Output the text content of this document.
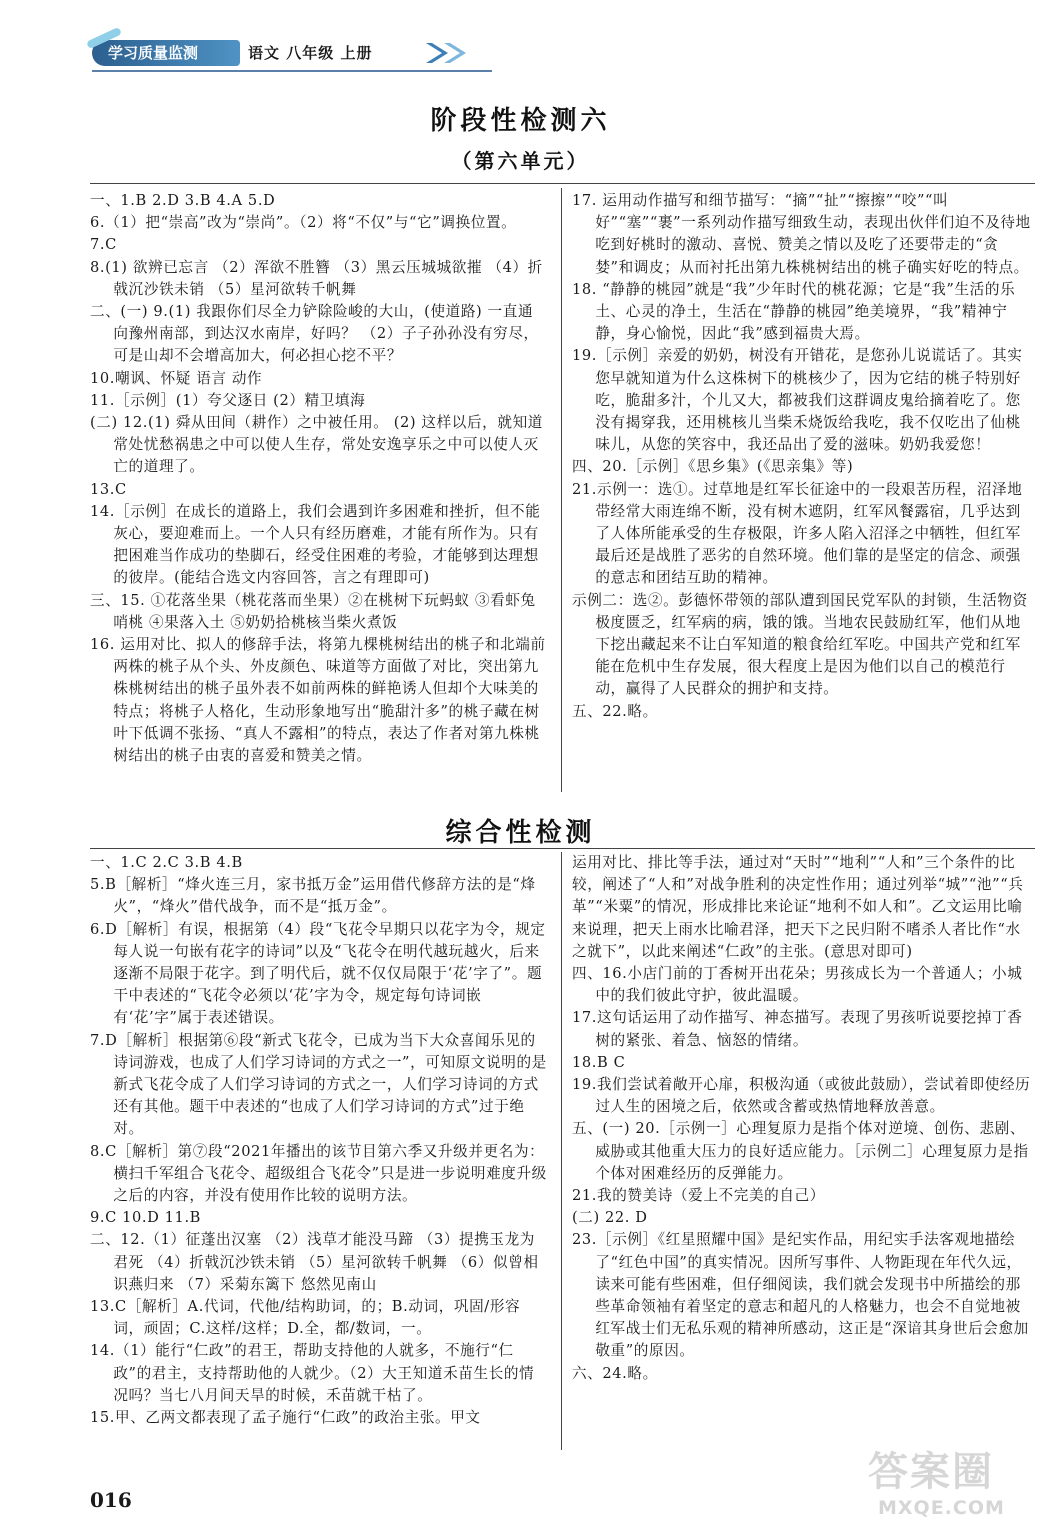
学习质量监测	语文 八年级 上册
阶段性检测六
（第六单元）

一、1.B 2.D 3.B 4.A 5.D

6.（1）把“崇高”改为“崇尚”。（2）将“不仅”与“它”调换位置。

7.C

8.(1) 欲辨已忘言 （2）浑欲不胜簪 （3）黑云压城城欲摧 （4）折戟沉沙铁未销 （5）星河欲转千帆舞

二、(一) 9.(1) 我跟你们尽全力铲除险峻的大山，(使道路) 一直通向豫州南部，到达汉水南岸，好吗？ （2）子子孙孙没有穷尽，可是山却不会增高加大，何必担心挖不平？

10.嘲讽、怀疑 语言 动作

11.［示例］(1）夸父逐日 (2）精卫填海

(二) 12.(1) 舜从田间（耕作）之中被任用。 (2) 这样以后，就知道常处忧愁祸患之中可以使人生存，常处安逸享乐之中可以使人灭亡的道理了。

13.C

14.［示例］在成长的道路上，我们会遇到许多困难和挫折，但不能灰心，要迎难而上。一个人只有经历磨难，才能有所作为。只有把困难当作成功的垫脚石，经受住困难的考验，才能够到达理想的彼岸。(能结合选文内容回答，言之有理即可)

三、15. ①花落坐果（桃花落而坐果）②在桃树下玩蚂蚁 ③看虾兔哨桃 ④果落入土 ⑤奶奶拾桃核当柴火煮饭

16. 运用对比、拟人的修辞手法，将第九棵桃树结出的桃子和北端前两株的桃子从个头、外皮颜色、味道等方面做了对比，突出第九株桃树结出的桃子虽外表不如前两株的鲜艳诱人但却个大味美的特点；将桃子人格化，生动形象地写出“脆甜汁多”的桃子藏在树叶下低调不张扬、“真人不露相”的特点，表达了作者对第九株桃树结出的桃子由衷的喜爱和赞美之情。

17. 运用动作描写和细节描写：“摘”“扯”“擦擦”“咬”“叫好”“塞”“裹”一系列动作描写细致生动，表现出伙伴们迫不及待地吃到好桃时的激动、喜悦、赞美之情以及吃了还要带走的“贪婪”和调皮；从而衬托出第九株桃树结出的桃子确实好吃的特点。

18. “静静的桃园”就是“我”少年时代的桃花源；它是“我”生活的乐土、心灵的净土，生活在“静静的桃园”绝美境界，“我”精神宁静，身心愉悦，因此“我”感到福贵大焉。

19.［示例］亲爱的奶奶，树没有开错花，是您孙儿说谎话了。其实您早就知道为什么这株树下的桃核少了，因为它结的桃子特别好吃，脆甜多汁，个儿又大，都被我们这群调皮鬼给摘着吃了。您没有揭穿我，还用桃核儿当柴禾烧饭给我吃，我不仅吃出了仙桃味儿，从您的笑容中，我还品出了爱的滋味。奶奶我爱您！

四、20.［示例］《思乡集》(《思亲集》等)

21.示例一：选①。过草地是红军长征途中的一段艰苦历程，沼泽地带经常大雨连绵不断，没有树木遮阴，红军风餐露宿，几乎达到了人体所能承受的生存极限，许多人陷入沼泽之中牺牲，但红军最后还是战胜了恶劣的自然环境。他们靠的是坚定的信念、顽强的意志和团结互助的精神。

示例二：选②。彭德怀带领的部队遭到国民党军队的封锁，生活物资极度匮乏，红军病的病，饿的饿。当地农民鼓励红军，他们从地下挖出藏起来不让白军知道的粮食给红军吃。中国共产党和红军能在危机中生存发展，很大程度上是因为他们以自己的模范行动，赢得了人民群众的拥护和支持。

五、22.略。

综合性检测

一、1.C 2.C 3.B 4.B

5.B［解析］“烽火连三月，家书抵万金”运用借代修辞方法的是“烽火”，“烽火”借代战争，而不是“抵万金”。

6.D［解析］有误，根据第（4）段“飞花令早期只以花字为令，规定每人说一句嵌有花字的诗词”以及“飞花令在明代越玩越火，后来逐渐不局限于花字。到了明代后，就不仅仅局限于‘花’字了”。题干中表述的“飞花令必须以‘花’字为令，规定每句诗词嵌有‘花’字”属于表述错误。

7.D［解析］根据第⑥段“新式飞花令，已成为当下大众喜闻乐见的诗词游戏，也成了人们学习诗词的方式之一”，可知原文说明的是新式飞花令成了人们学习诗词的方式之一，人们学习诗词的方式还有其他。题干中表述的“也成了人们学习诗词的方式”过于绝对。

8.C［解析］第⑦段“2021年播出的该节目第六季又升级并更名为：横扫千军组合飞花令、超级组合飞花令”只是进一步说明难度升级之后的内容，并没有使用作比较的说明方法。

9.C 10.D 11.B

二、12.（1）征蓬出汉塞 （2）浅草才能没马蹄 （3）提携玉龙为君死 （4）折戟沉沙铁未销 （5）星河欲转千帆舞 （6）似曾相识燕归来 （7）采菊东篱下 悠然见南山

13.C［解析］A.代词，代他/结构助词，的；B.动词，巩固/形容词，顽固；C.这样/这样；D.全，都/数词，一。

14.（1）能行“仁政”的君王，帮助支持他的人就多，不施行“仁政”的君主，支持帮助他的人就少。（2）大王知道禾苗生长的情况吗？当七八月间天旱的时候，禾苗就干枯了。

15.甲、乙两文都表现了孟子施行“仁政”的政治主张。甲文

运用对比、排比等手法，通过对“天时”“地利”“人和”三个条件的比较，阐述了“人和”对战争胜利的决定性作用；通过列举“城”“池”“兵革”“米粟”的情况，形成排比来论证“地利不如人和”。乙文运用比喻来说理，把天上雨水比喻君泽，把天下之民归附不嗜杀人者比作“水之就下”，以此来阐述“仁政”的主张。(意思对即可)

四、16.小店门前的丁香树开出花朵；男孩成长为一个普通人；小城中的我们彼此守护，彼此温暖。

17.这句话运用了动作描写、神态描写。表现了男孩听说要挖掉丁香树的紧张、着急、恼怒的情绪。

18.B C

19.我们尝试着敞开心扉，积极沟通（或彼此鼓励），尝试着即使经历过人生的困境之后，依然或含蓄或热情地释放善意。

五、(一) 20.［示例一］心理复原力是指个体对逆境、创伤、悲剧、威胁或其他重大压力的良好适应能力。［示例二］心理复原力是指个体对困难经历的反弹能力。

21.我的赞美诗（爱上不完美的自己）

(二) 22. D

23.［示例］《红星照耀中国》是纪实作品，用纪实手法客观地描绘了“红色中国”的真实情况。因所写事件、人物距现在年代久远，读来可能有些困难，但仔细阅读，我们就会发现书中所描绘的那些革命领袖有着坚定的意志和超凡的人格魅力，也会不自觉地被红军战士们无私乐观的精神所感动，这正是“深谙其身世后会愈加敬重”的原因。

六、24.略。

016
答案圈
MXQE.COM
